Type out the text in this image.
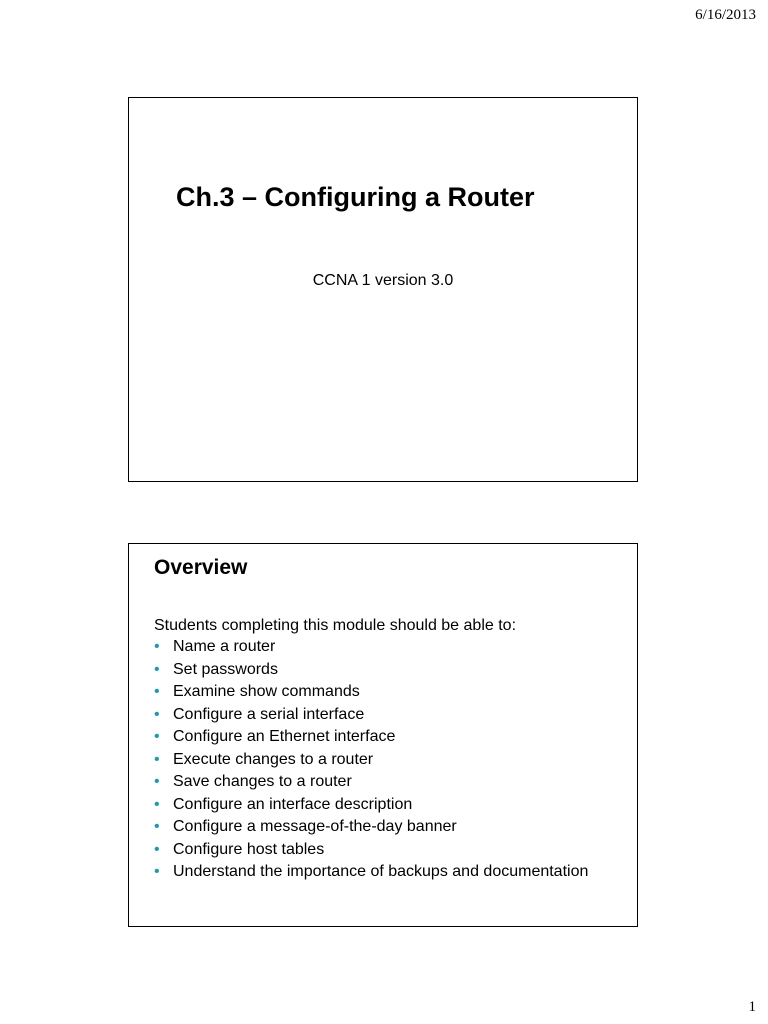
6/16/2013
Ch.3 – Configuring a Router
CCNA 1 version 3.0
Overview
Students completing this module should be able to:
• Name a router
• Set passwords
• Examine show commands
• Configure a serial interface
• Configure an Ethernet interface
• Execute changes to a router
• Save changes to a router
• Configure an interface description
• Configure a message-of-the-day banner
• Configure host tables
• Understand the importance of backups and documentation
1
